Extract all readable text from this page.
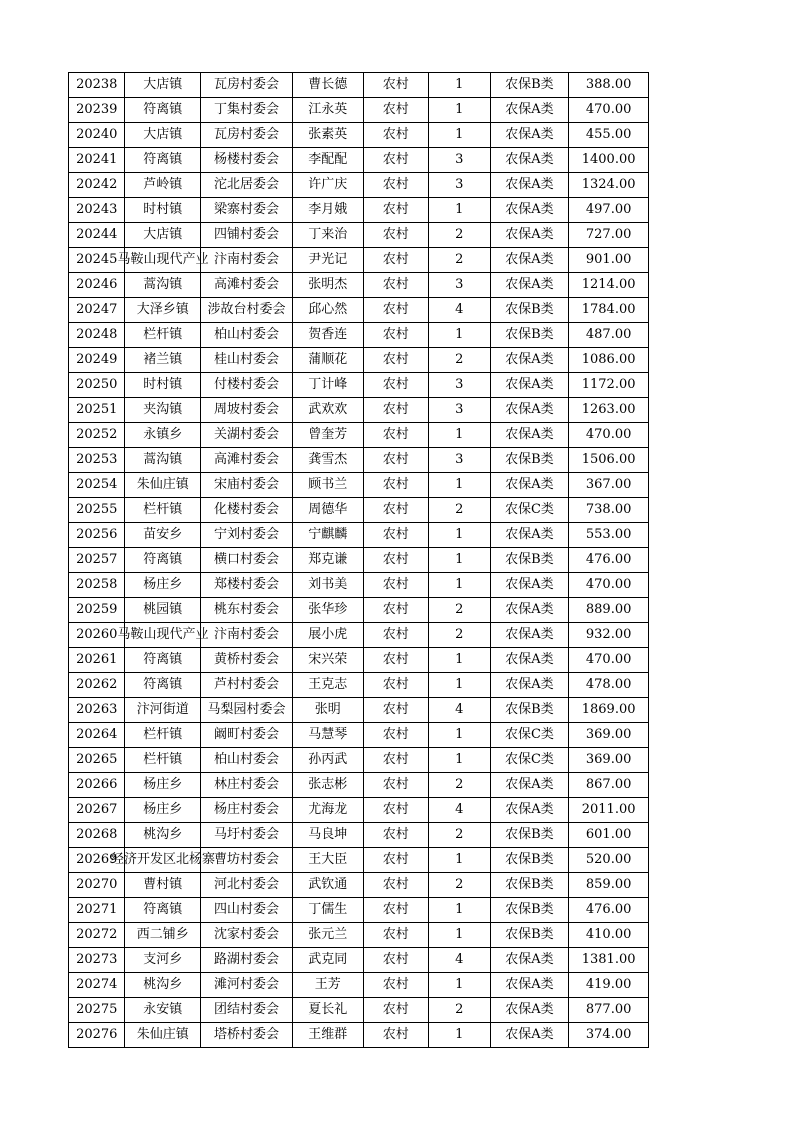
20238	大店镇	瓦房村委会	曹长德	农村	1	农保B类	388.00
20239	符离镇	丁集村委会	江永英	农村	1	农保A类	470.00
20240	大店镇	瓦房村委会	张素英	农村	1	农保A类	455.00
20241	符离镇	杨楼村委会	李配配	农村	3	农保A类	1400.00
20242	芦岭镇	沱北居委会	许广庆	农村	3	农保A类	1324.00
20243	时村镇	梁寨村委会	李月娥	农村	1	农保A类	497.00
20244	大店镇	四铺村委会	丁来治	农村	2	农保A类	727.00
20245	马鞍山现代产业	汴南村委会	尹光记	农村	2	农保A类	901.00
20246	蒿沟镇	高滩村委会	张明杰	农村	3	农保A类	1214.00
20247	大泽乡镇	涉故台村委会	邱心然	农村	4	农保B类	1784.00
20248	栏杆镇	柏山村委会	贺香连	农村	1	农保B类	487.00
20249	褚兰镇	桂山村委会	蒲顺花	农村	2	农保A类	1086.00
20250	时村镇	付楼村委会	丁计峰	农村	3	农保A类	1172.00
20251	夹沟镇	周坡村委会	武欢欢	农村	3	农保A类	1263.00
20252	永镇乡	关湖村委会	曾奎芳	农村	1	农保A类	470.00
20253	蒿沟镇	高滩村委会	龚雪杰	农村	3	农保B类	1506.00
20254	朱仙庄镇	宋庙村委会	顾书兰	农村	1	农保A类	367.00
20255	栏杆镇	化楼村委会	周德华	农村	2	农保C类	738.00
20256	苗安乡	宁刘村委会	宁麒麟	农村	1	农保A类	553.00
20257	符离镇	横口村委会	郑克谦	农村	1	农保B类	476.00
20258	杨庄乡	郑楼村委会	刘书美	农村	1	农保A类	470.00
20259	桃园镇	桃东村委会	张华珍	农村	2	农保A类	889.00
20260	马鞍山现代产业	汴南村委会	展小虎	农村	2	农保A类	932.00
20261	符离镇	黄桥村委会	宋兴荣	农村	1	农保A类	470.00
20262	符离镇	芦村村委会	王克志	农村	1	农保A类	478.00
20263	汴河街道	马梨园村委会	张明	农村	4	农保B类	1869.00
20264	栏杆镇	阚町村委会	马慧琴	农村	1	农保C类	369.00
20265	栏杆镇	柏山村委会	孙丙武	农村	1	农保C类	369.00
20266	杨庄乡	林庄村委会	张志彬	农村	2	农保A类	867.00
20267	杨庄乡	杨庄村委会	尤海龙	农村	4	农保A类	2011.00
20268	桃沟乡	马圩村委会	马良坤	农村	2	农保B类	601.00
20269	经济开发区北杨寨	曹坊村委会	王大臣	农村	1	农保B类	520.00
20270	曹村镇	河北村委会	武钦通	农村	2	农保B类	859.00
20271	符离镇	四山村委会	丁儒生	农村	1	农保B类	476.00
20272	西二铺乡	沈家村委会	张元兰	农村	1	农保B类	410.00
20273	支河乡	路湖村委会	武克同	农村	4	农保A类	1381.00
20274	桃沟乡	滩河村委会	王芳	农村	1	农保A类	419.00
20275	永安镇	团结村委会	夏长礼	农村	2	农保A类	877.00
20276	朱仙庄镇	塔桥村委会	王维群	农村	1	农保A类	374.00
